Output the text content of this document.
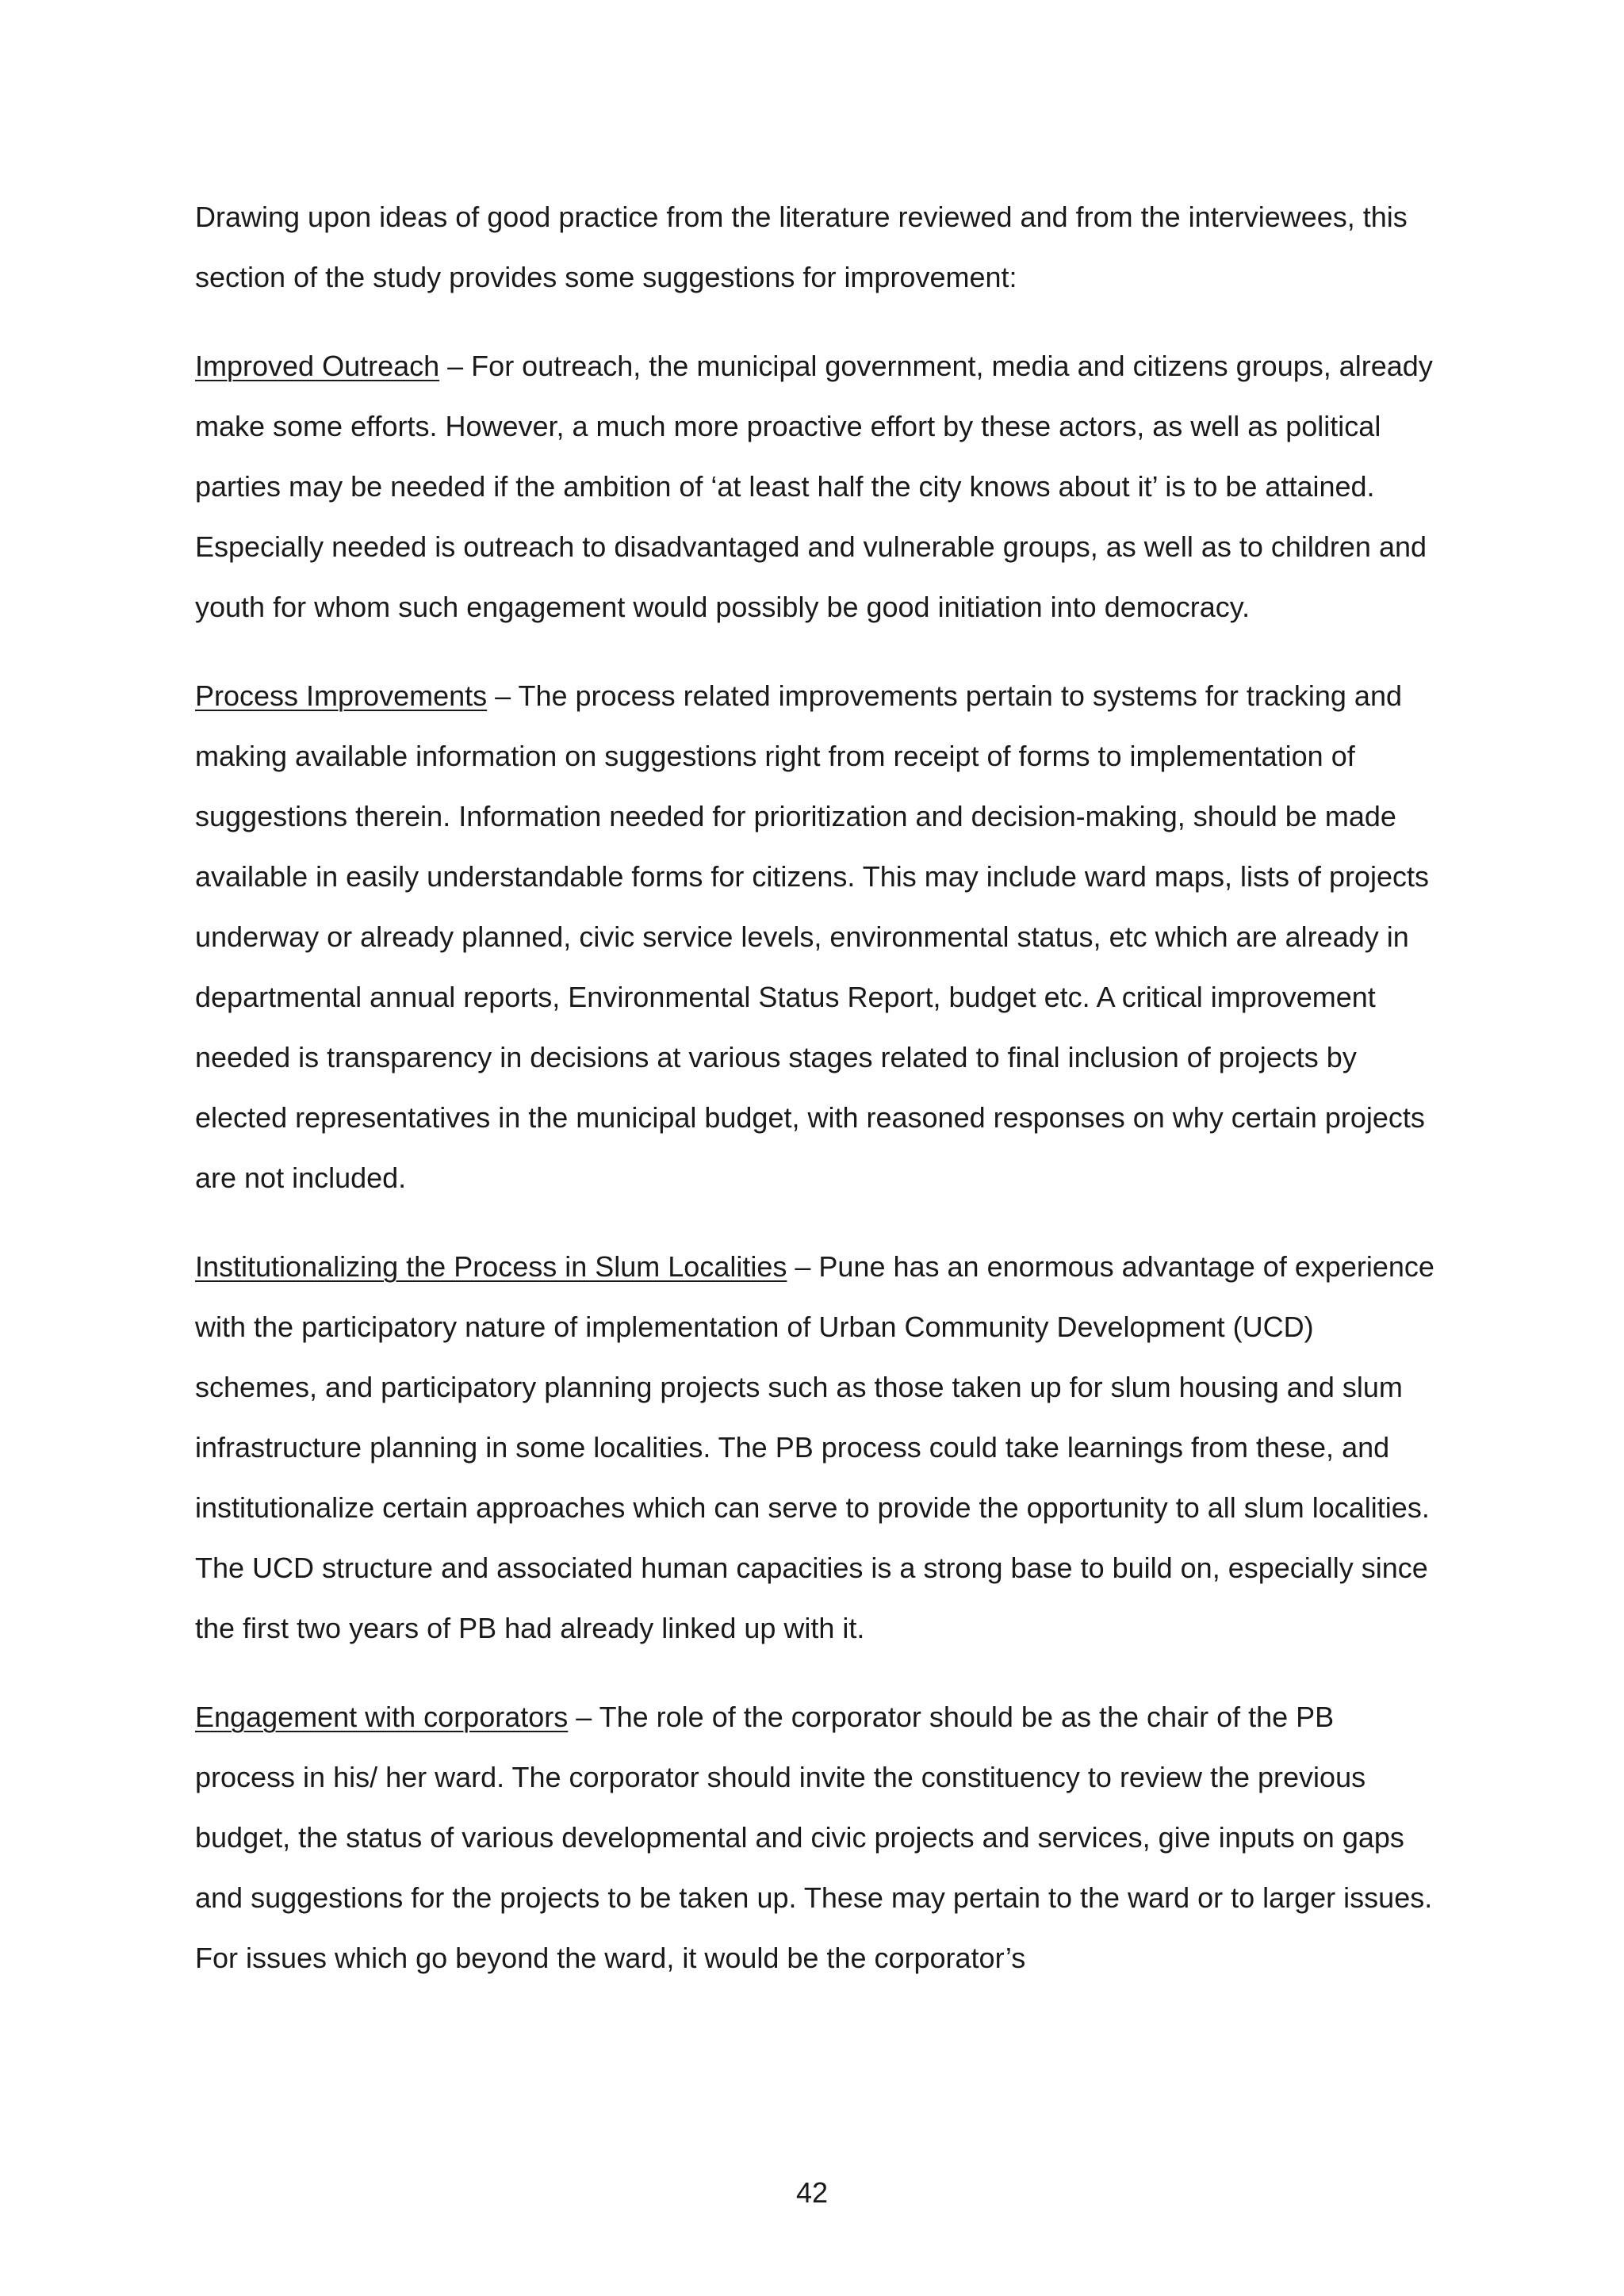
Drawing upon ideas of good practice from the literature reviewed and from the interviewees, this section of the study provides some suggestions for improvement:

Improved Outreach – For outreach, the municipal government, media and citizens groups, already make some efforts. However, a much more proactive effort by these actors, as well as political parties may be needed if the ambition of ‘at least half the city knows about it’ is to be attained. Especially needed is outreach to disadvantaged and vulnerable groups, as well as to children and youth for whom such engagement would possibly be good initiation into democracy.

Process Improvements – The process related improvements pertain to systems for tracking and making available information on suggestions right from receipt of forms to implementation of suggestions therein. Information needed for prioritization and decision-making, should be made available in easily understandable forms for citizens. This may include ward maps, lists of projects underway or already planned, civic service levels, environmental status, etc which are already in departmental annual reports, Environmental Status Report, budget etc. A critical improvement needed is transparency in decisions at various stages related to final inclusion of projects by elected representatives in the municipal budget, with reasoned responses on why certain projects are not included.

Institutionalizing the Process in Slum Localities – Pune has an enormous advantage of experience with the participatory nature of implementation of Urban Community Development (UCD) schemes, and participatory planning projects such as those taken up for slum housing and slum infrastructure planning in some localities. The PB process could take learnings from these, and institutionalize certain approaches which can serve to provide the opportunity to all slum localities. The UCD structure and associated human capacities is a strong base to build on, especially since the first two years of PB had already linked up with it.

Engagement with corporators – The role of the corporator should be as the chair of the PB process in his/ her ward. The corporator should invite the constituency to review the previous budget, the status of various developmental and civic projects and services, give inputs on gaps and suggestions for the projects to be taken up. These may pertain to the ward or to larger issues. For issues which go beyond the ward, it would be the corporator’s

42
